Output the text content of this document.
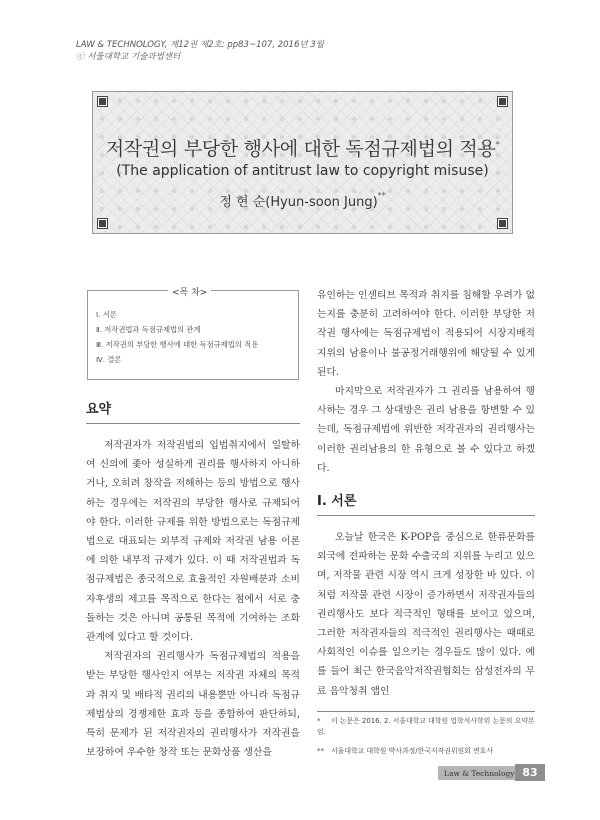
LAW & TECHNOLOGY, 제12권 제2호: pp83~107, 2016년 3월
ⓒ 서울대학교 기술과법센터
저작권의 부당한 행사에 대한 독점규제법의 적용*
(The application of antitrust law to copyright misuse)
정 현 순(Hyun-soon Jung)**
Ⅰ. 서론
Ⅱ. 저작권법과 독점규제법의 관계
Ⅲ. 저작권의 부당한 행사에 대한 독점규제법의 적용
Ⅳ. 결론
<목 차>
요약

저작권자가 저작권법의 입법취지에서 일탈하여 신의에 좇아 성실하게 권리를 행사하지 아니하거나, 오히려 창작을 저해하는 등의 방법으로 행사하는 경우에는 저작권의 부당한 행사로 규제되어야 한다. 이러한 규제를 위한 방법으로는 독점규제법으로 대표되는 외부적 규제와 저작권 남용 이론에 의한 내부적 규제가 있다. 이 때 저작권법과 독점규제법은 종국적으로 효율적인 자원배분과 소비자후생의 제고를 목적으로 한다는 점에서 서로 충돌하는 것은 아니며 공통된 목적에 기여하는 조화관계에 있다고 할 것이다.

저작권자의 권리행사가 독점규제법의 적용을 받는 부당한 행사인지 여부는 저작권 자체의 목적과 취지 및 배타적 권리의 내용뿐만 아니라 독점규제법상의 경쟁제한 효과 등을 종합하여 판단하되, 특히 문제가 된 저작권자의 권리행사가 저작권을 보장하여 우수한 창작 또는 문화상품 생산을

유인하는 인센티브 목적과 취지를 침해할 우려가 없는지를 충분히 고려하여야 한다. 이러한 부당한 저작권 행사에는 독점규제법이 적용되어 시장지배적 지위의 남용이나 불공정거래행위에 해당될 수 있게 된다.

마지막으로 저작권자가 그 권리를 남용하여 행사하는 경우 그 상대방은 권리 남용을 항변할 수 있는데, 독점규제법에 위반한 저작권자의 권리행사는 이러한 권리남용의 한 유형으로 볼 수 있다고 하겠다.

Ⅰ. 서론

오늘날 한국은 K-POP을 중심으로 한류문화를 외국에 전파하는 문화 수출국의 지위를 누리고 있으며, 저작물 관련 시장 역시 크게 성장한 바 있다. 이처럼 저작물 관련 시장이 증가하면서 저작권자들의 권리행사도 보다 적극적인 형태를 보이고 있으며, 그러한 저작권자들의 적극적인 권리행사는 때때로 사회적인 이슈를 일으키는 경우들도 많이 있다. 예를 들어 최근 한국음악저작권협회는 삼성전자의 무료 음악청취 앱인

* 이 논문은 2016. 2. 서울대학교 대학원 법학석사학위 논문의 요약본임.
** 서울대학교 대학원 박사과정/한국저작권위원회 변호사
Law & Technology 83
